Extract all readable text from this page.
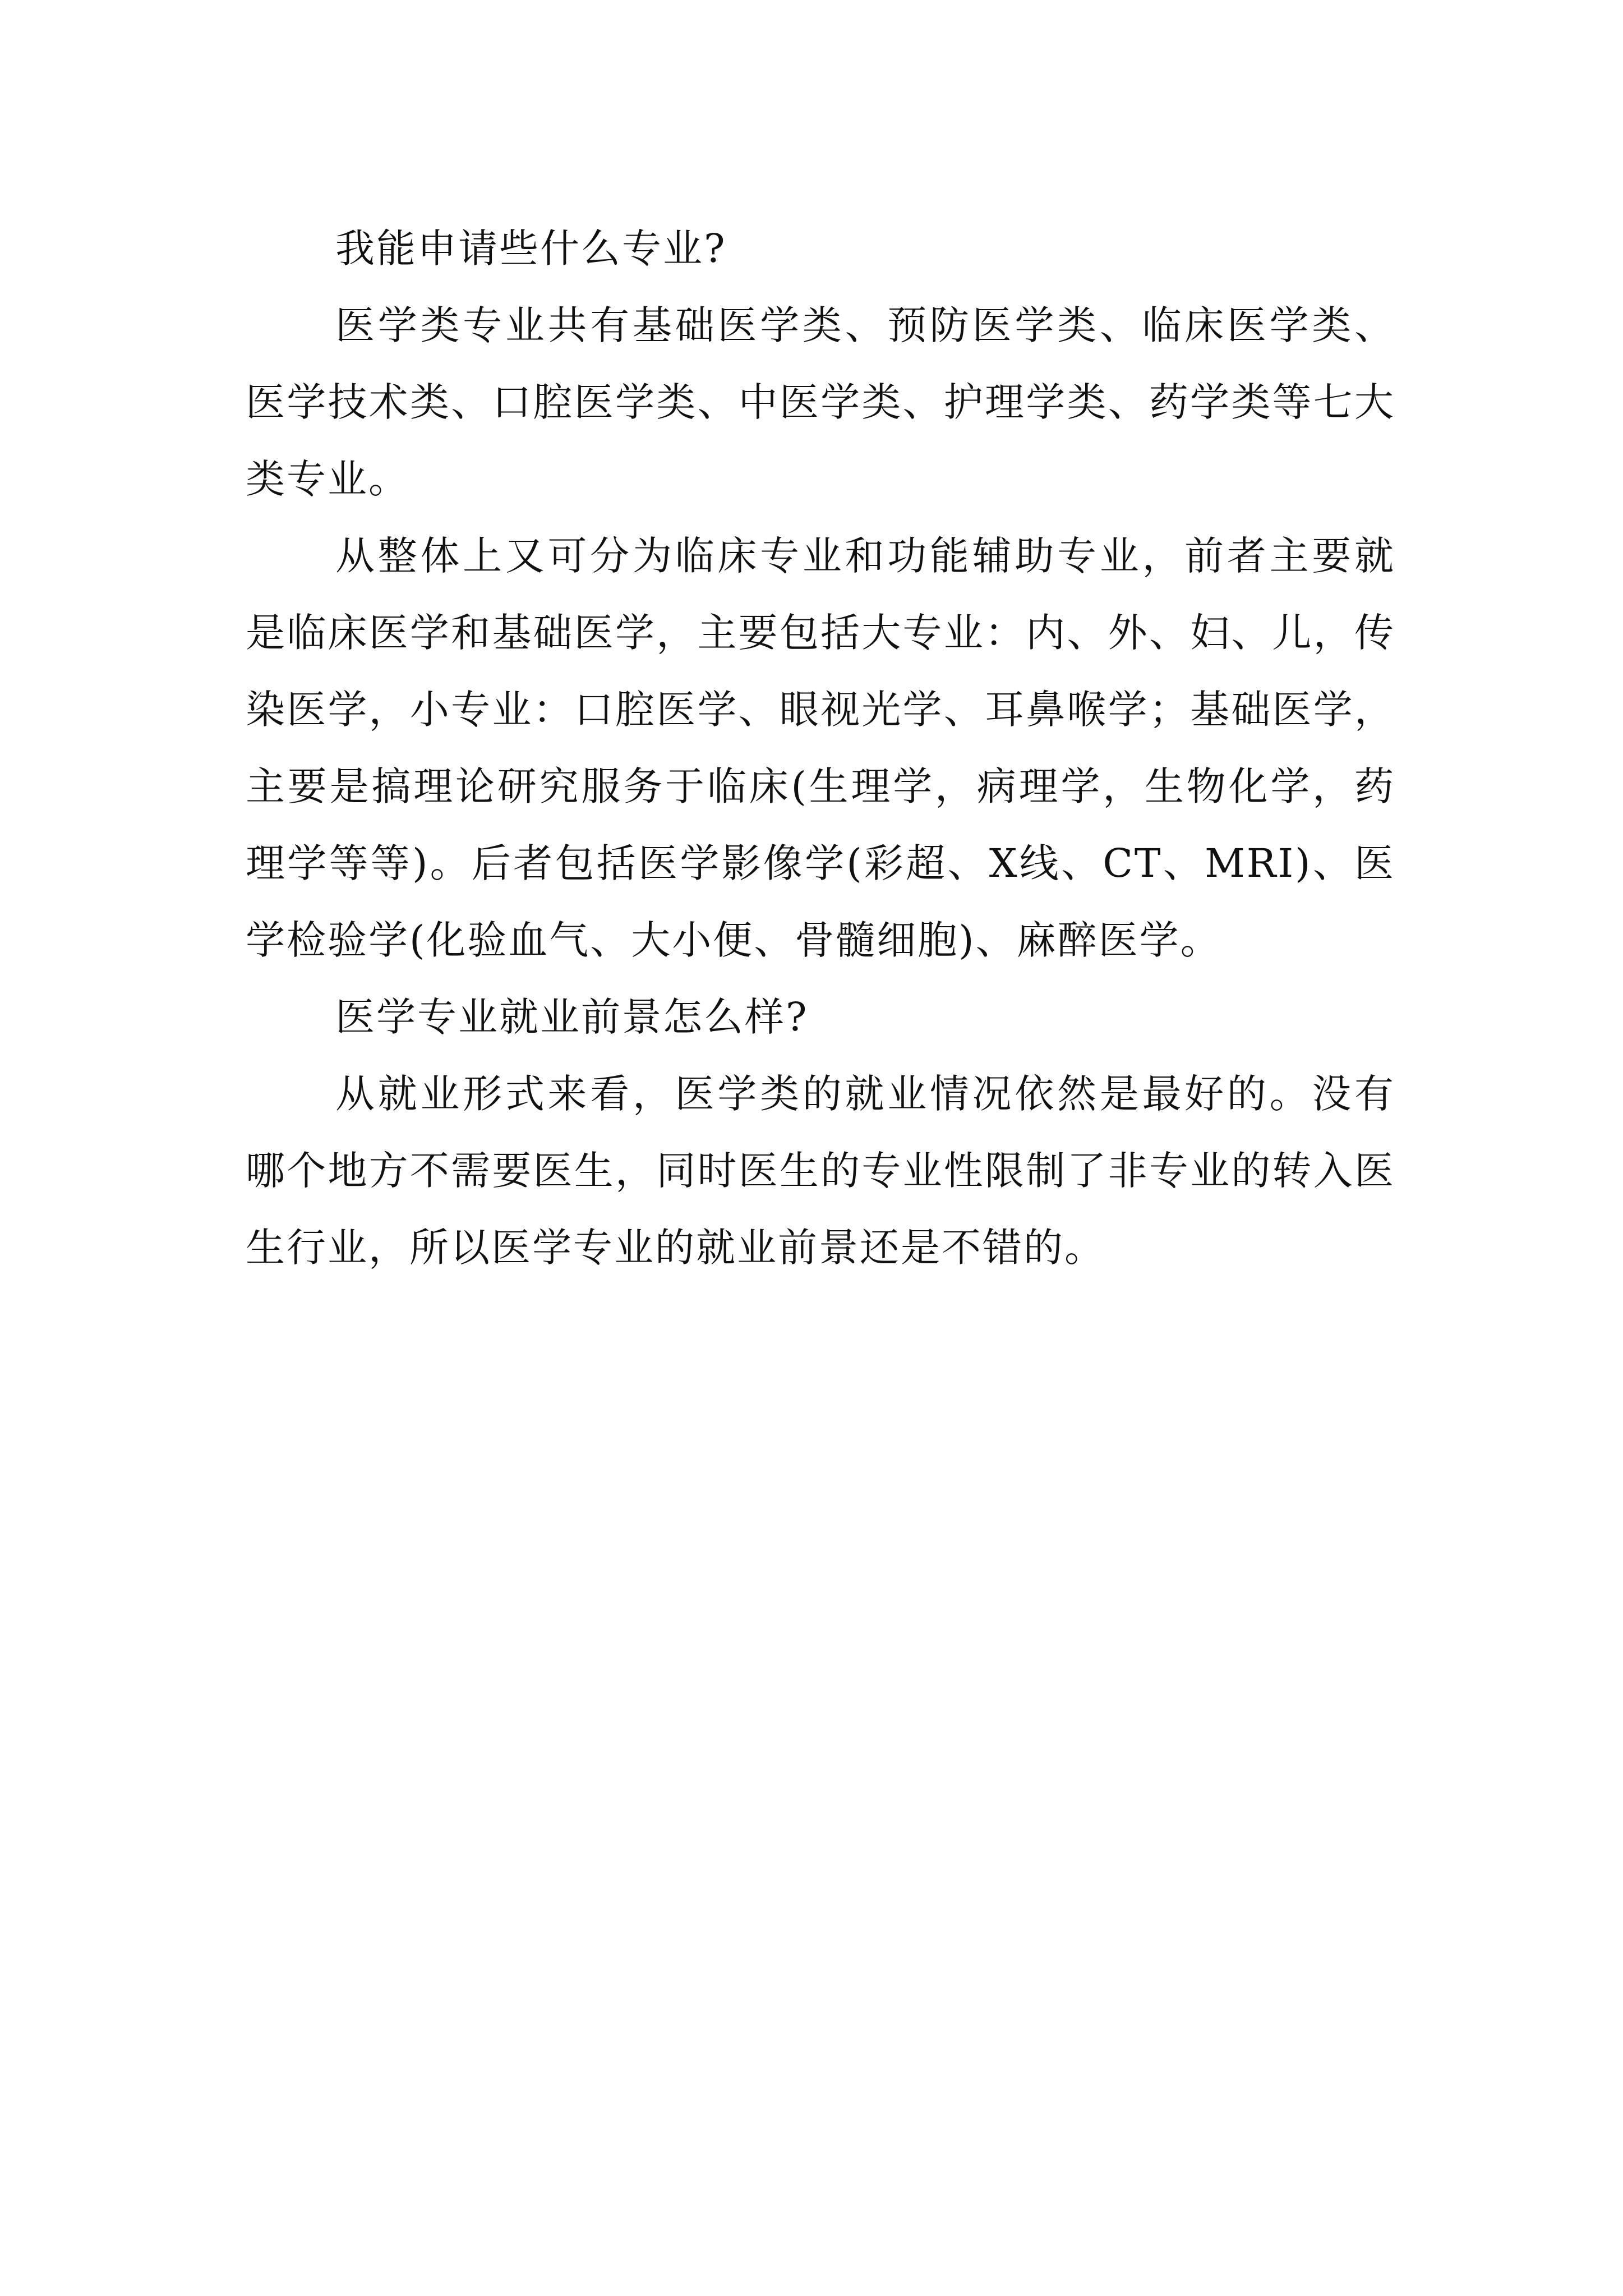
我能申请些什么专业?

医学类专业共有基础医学类、预防医学类、临床医学类、医学技术类、口腔医学类、中医学类、护理学类、药学类等七大类专业。

从整体上又可分为临床专业和功能辅助专业，前者主要就是临床医学和基础医学，主要包括大专业：内、外、妇、儿，传染医学，小专业：口腔医学、眼视光学、耳鼻喉学；基础医学，主要是搞理论研究服务于临床(生理学，病理学，生物化学，药理学等等)。后者包括医学影像学(彩超、X线、CT、MRI)、医学检验学(化验血气、大小便、骨髓细胞)、麻醉医学。

医学专业就业前景怎么样?

从就业形式来看，医学类的就业情况依然是最好的。没有哪个地方不需要医生，同时医生的专业性限制了非专业的转入医生行业，所以医学专业的就业前景还是不错的。
